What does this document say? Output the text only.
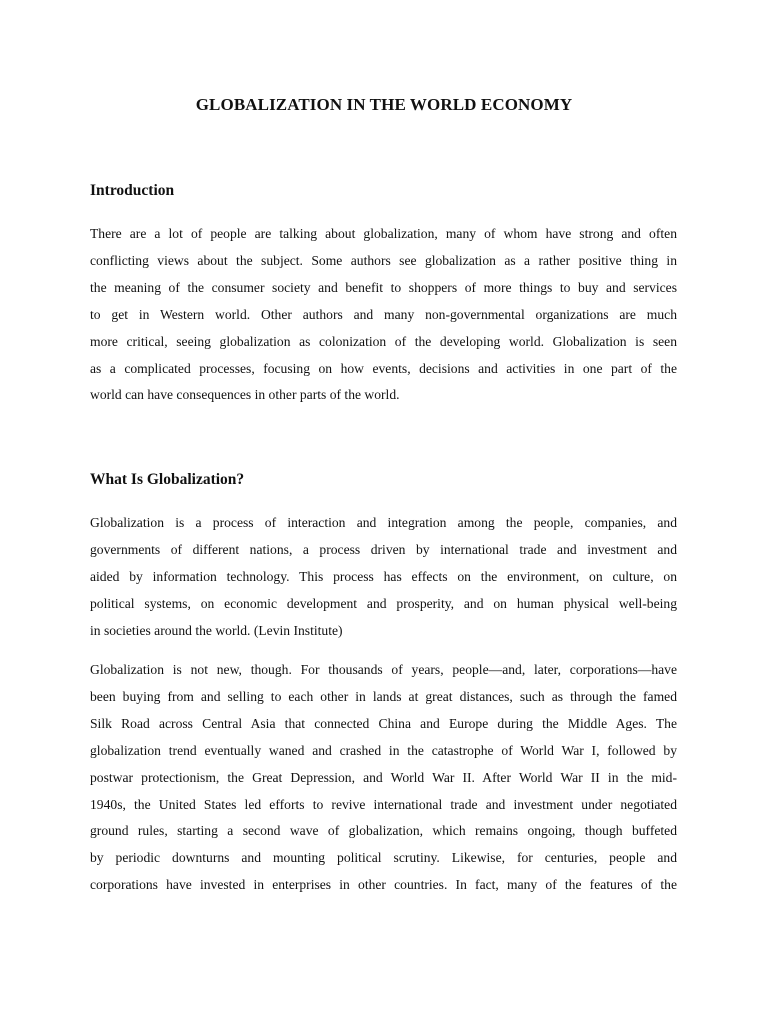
GLOBALIZATION IN THE WORLD ECONOMY
Introduction
There are a lot of people are talking about globalization, many of whom have strong and often
conflicting views about the subject. Some authors see globalization as a rather positive thing in
the meaning of the consumer society and benefit to shoppers of more things to buy and services
to get in Western world. Other authors and many non-governmental organizations are much
more critical, seeing globalization as colonization of the developing world. Globalization is seen
as a complicated processes, focusing on how events, decisions and activities in one part of the
world can have consequences in other parts of the world.
What Is Globalization?
Globalization is a process of interaction and integration among the people, companies, and
governments of different nations, a process driven by international trade and investment and
aided by information technology. This process has effects on the environment, on culture, on
political systems, on economic development and prosperity, and on human physical well-being
in societies around the world. (Levin Institute)
Globalization is not new, though. For thousands of years, people—and, later, corporations—have
been buying from and selling to each other in lands at great distances, such as through the famed
Silk Road across Central Asia that connected China and Europe during the Middle Ages. The
globalization trend eventually waned and crashed in the catastrophe of World War I, followed by
postwar protectionism, the Great Depression, and World War II. After World War II in the mid-
1940s, the United States led efforts to revive international trade and investment under negotiated
ground rules, starting a second wave of globalization, which remains ongoing, though buffeted
by periodic downturns and mounting political scrutiny. Likewise, for centuries, people and
corporations have invested in enterprises in other countries. In fact, many of the features of the
